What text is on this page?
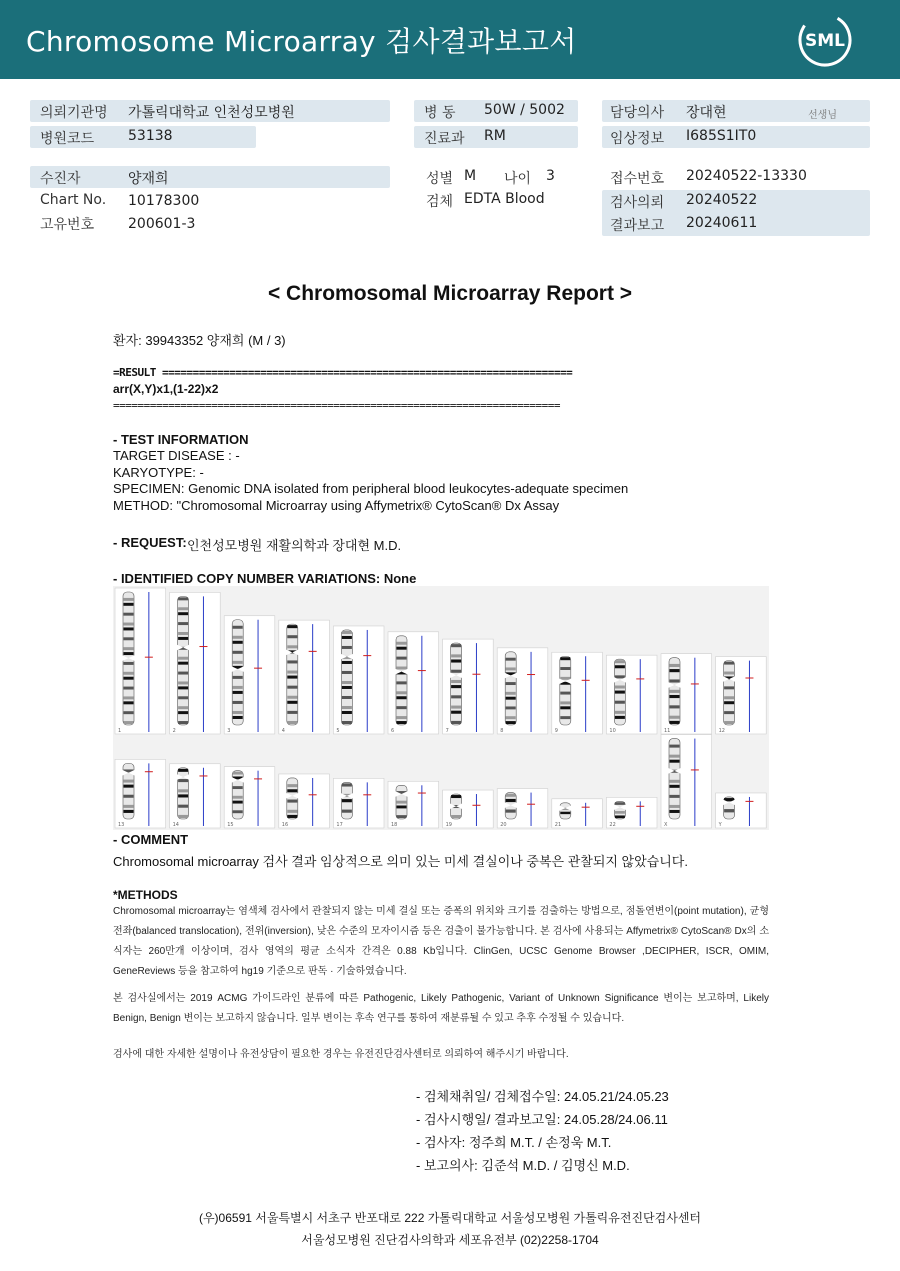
Chromosome Microarray 검사결과보고서	SML
의뢰기관명 가톨릭대학교 인천성모병원
병원코드 53138
병 동 50W / 5002
진료과 RM
담당의사 장대현	선생님
임상정보 I685S1IT0
수진자	양재희
Chart No. 10178300
고유번호 200601-3
성별 M 나이 3
검체 EDTA Blood
접수번호 20240522-13330
검사의뢰 20240522
결과보고 20240611
< Chromosomal Microarray Report >
환자: 39943352 양재희 (M / 3)
=RESULT ===================================================================
arr(X,Y)x1,(1-22)x2
=========================================================================
- TEST INFORMATION
TARGET DISEASE : -
KARYOTYPE: -
SPECIMEN: Genomic DNA isolated from peripheral blood leukocytes-adequate specimen
METHOD: "Chromosomal Microarray using Affymetrix® CytoScan® Dx Assay
- REQUEST: 인천성모병원 재활의학과 장대현 M.D.
- IDENTIFIED COPY NUMBER VARIATIONS: None
1	2	3	4	5	6	7	8	9	10	11	12
13	14	15	16	17	18	19	20	21	22	X	Y
- COMMENT
Chromosomal microarray 검사 결과 임상적으로 의미 있는 미세 결실이나 중복은 관찰되지 않았습니다.
*METHODS
Chromosomal microarray는 염색체 검사에서 관찰되지 않는 미세 결실 또는 증폭의 위치와 크기를 검출하는 방법으로, 점돌연변이(point mutation), 균형전좌(balanced translocation), 전위(inversion), 낮은 수준의 모자이시즘 등은 검출이 불가능합니다. 본 검사에 사용되는 Affymetrix® CytoScan® Dx의 소식자는 260만개 이상이며, 검사 영역의 평균 소식자 간격은 0.88 Kb입니다. ClinGen, UCSC Genome Browser ,DECIPHER, ISCR, OMIM, GeneReviews 등을 참고하여 hg19 기준으로 판독 · 기술하였습니다.
본 검사실에서는 2019 ACMG 가이드라인 분류에 따른 Pathogenic, Likely Pathogenic, Variant of Unknown Significance 변이는 보고하며, Likely Benign, Benign 변이는 보고하지 않습니다. 일부 변이는 후속 연구를 통하여 재분류될 수 있고 추후 수정될 수 있습니다.
검사에 대한 자세한 설명이나 유전상담이 필요한 경우는 유전진단검사센터로 의뢰하여 해주시기 바랍니다.
- 검체채취일/ 검체접수일: 24.05.21/24.05.23
- 검사시행일/ 결과보고일: 24.05.28/24.06.11
- 검사자: 정주희 M.T. / 손정욱 M.T.
- 보고의사: 김준석 M.D. / 김명신 M.D.
(우)06591 서울특별시 서초구 반포대로 222 가톨릭대학교 서울성모병원 가톨릭유전진단검사센터
서울성모병원 진단검사의학과 세포유전부 (02)2258-1704
